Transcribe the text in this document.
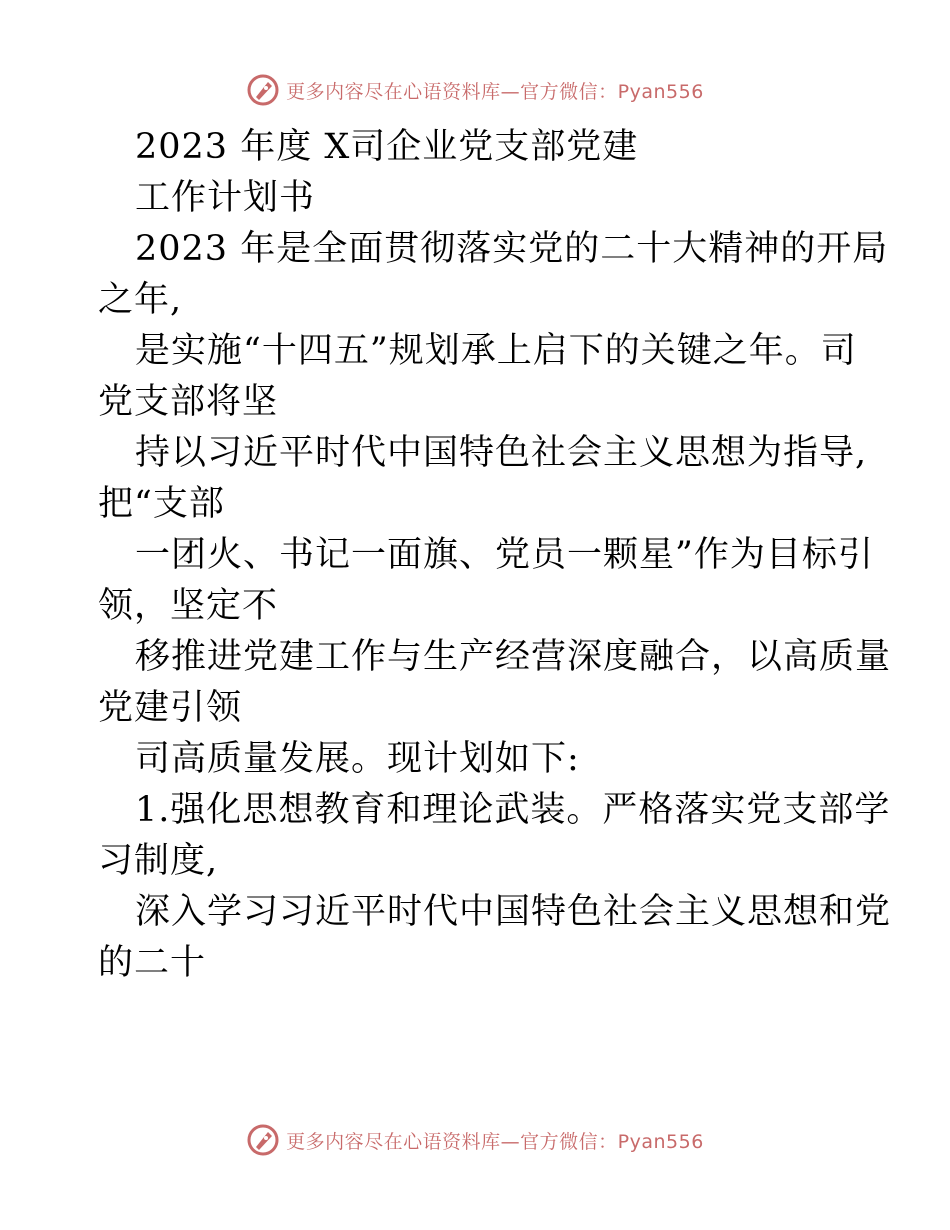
更多内容尽在心语资料库—官方微信：Pyan556
2023 年度 X司企业党支部党建
工作计划书
2023 年是全面贯彻落实党的二十大精神的开局
之年,
是实施“十四五”规划承上启下的关键之年。司
党支部将坚
持以习近平时代中国特色社会主义思想为指导,
把“支部
一团火、书记一面旗、党员一颗星”作为目标引
领，坚定不
移推进党建工作与生产经营深度融合，以高质量
党建引领
司高质量发展。现计划如下:
1.强化思想教育和理论武装。严格落实党支部学
习制度,
深入学习习近平时代中国特色社会主义思想和党
的二十
更多内容尽在心语资料库—官方微信：Pyan556
